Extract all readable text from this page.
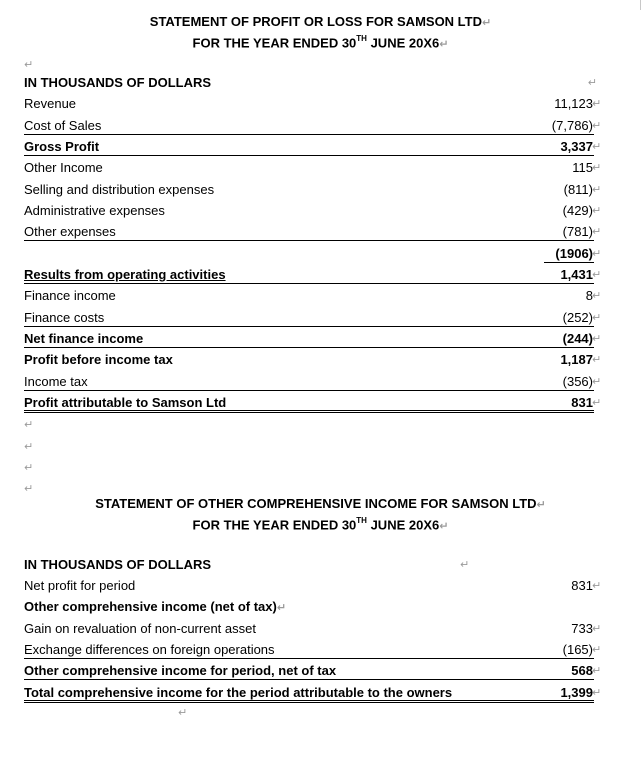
STATEMENT OF PROFIT OR LOSS FOR SAMSON LTD↵
FOR THE YEAR ENDED 30TH JUNE 20X6↵
↵
IN THOUSANDS OF DOLLARS	↵
Revenue	11,123
Cost of Sales	(7,786)
Gross Profit	3,337
Other Income	115
Selling and distribution expenses	(811)
Administrative expenses	(429)
Other expenses	(781)
(1906)
Results from operating activities	1,431
Finance income	8
Finance costs	(252)
Net finance income	(244)
Profit before income tax	1,187
Income tax	(356)
Profit attributable to Samson Ltd	831
↵
↵
↵
↵
↵
↵
↵
↵
↵
↵
↵
↵
↵
↵
↵
↵
↵
↵
↵
STATEMENT OF OTHER COMPREHENSIVE INCOME FOR SAMSON LTD↵
FOR THE YEAR ENDED 30TH JUNE 20X6↵
IN THOUSANDS OF DOLLARS	↵
Net profit for period	831
Other comprehensive income (net of tax)↵
Gain on revaluation of non-current asset	733
Exchange differences on foreign operations	(165)
Other comprehensive income for period, net of tax	568
Total comprehensive income for the period attributable to the owners	1,399
↵
↵
↵
↵
↵
↵
